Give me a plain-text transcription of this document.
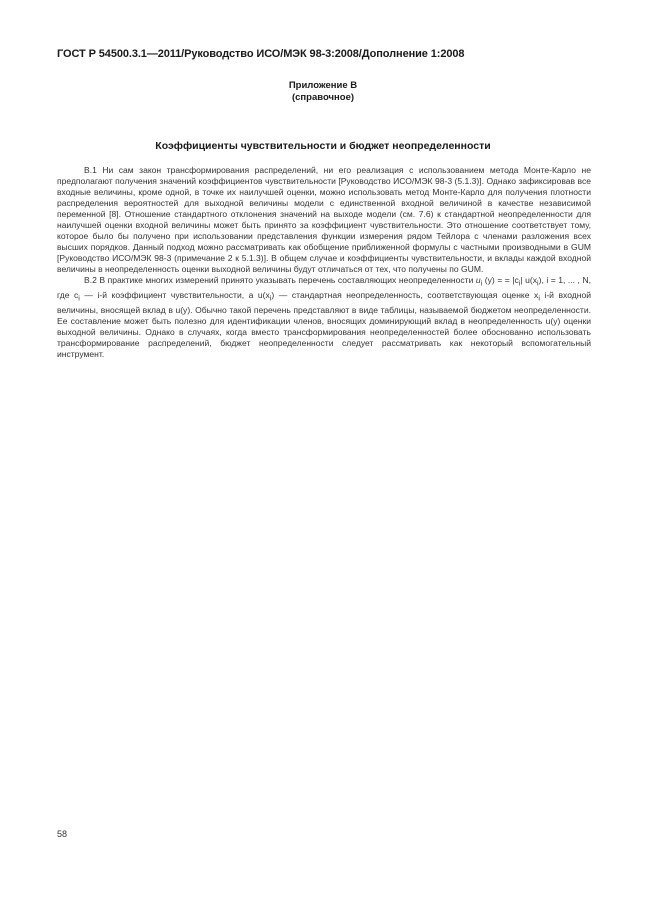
ГОСТ Р 54500.3.1—2011/Руководство ИСО/МЭК 98-3:2008/Дополнение 1:2008
Приложение В
(справочное)
Коэффициенты чувствительности и бюджет неопределенности

В.1 Ни сам закон трансформирования распределений, ни его реализация с использованием метода Монте-Карло не предполагают получения значений коэффициентов чувствительности [Руководство ИСО/МЭК 98-3 (5.1.3)]. Однако зафиксировав все входные величины, кроме одной, в точке их наилучшей оценки, можно использовать метод Монте-Карло для получения плотности распределения вероятностей для выходной величины модели с единственной входной величиной в качестве независимой переменной [8]. Отношение стандартного отклонения значений на выходе модели (см. 7.6) к стандартной неопределенности для наилучшей оценки входной величины может быть принято за коэффициент чувствительности. Это отношение соответствует тому, которое было бы получено при использовании представления функции измерения рядом Тейлора с членами разложения всех высших порядков. Данный подход можно рассматривать как обобщение приближенной формулы с частными производными в GUM [Руководство ИСО/МЭК 98-3 (примечание 2 к 5.1.3)]. В общем случае и коэффициенты чувствительности, и вклады каждой входной величины в неопределенность оценки выходной величины будут отличаться от тех, что получены по GUM.

В.2 В практике многих измерений принято указывать перечень составляющих неопределенности $u_i$ (y) = = $|c_i|$ $u(x_i)$, i = 1, ... , N, где $c_i$ — i-й коэффициент чувствительности, а $u(x_i)$ — стандартная неопределенность, соответствующая оценке $x_i$ i-й входной величины, вносящей вклад в u(y). Обычно такой перечень представляют в виде таблицы, называемой бюджетом неопределенности. Ее составление может быть полезно для идентификации членов, вносящих доминирующий вклад в неопределенность u(y) оценки выходной величины. Однако в случаях, когда вместо трансформирования неопределенностей более обоснованно использовать трансформирование распределений, бюджет неопределенности следует рассматривать как некоторый вспомогательный инструмент.

58
